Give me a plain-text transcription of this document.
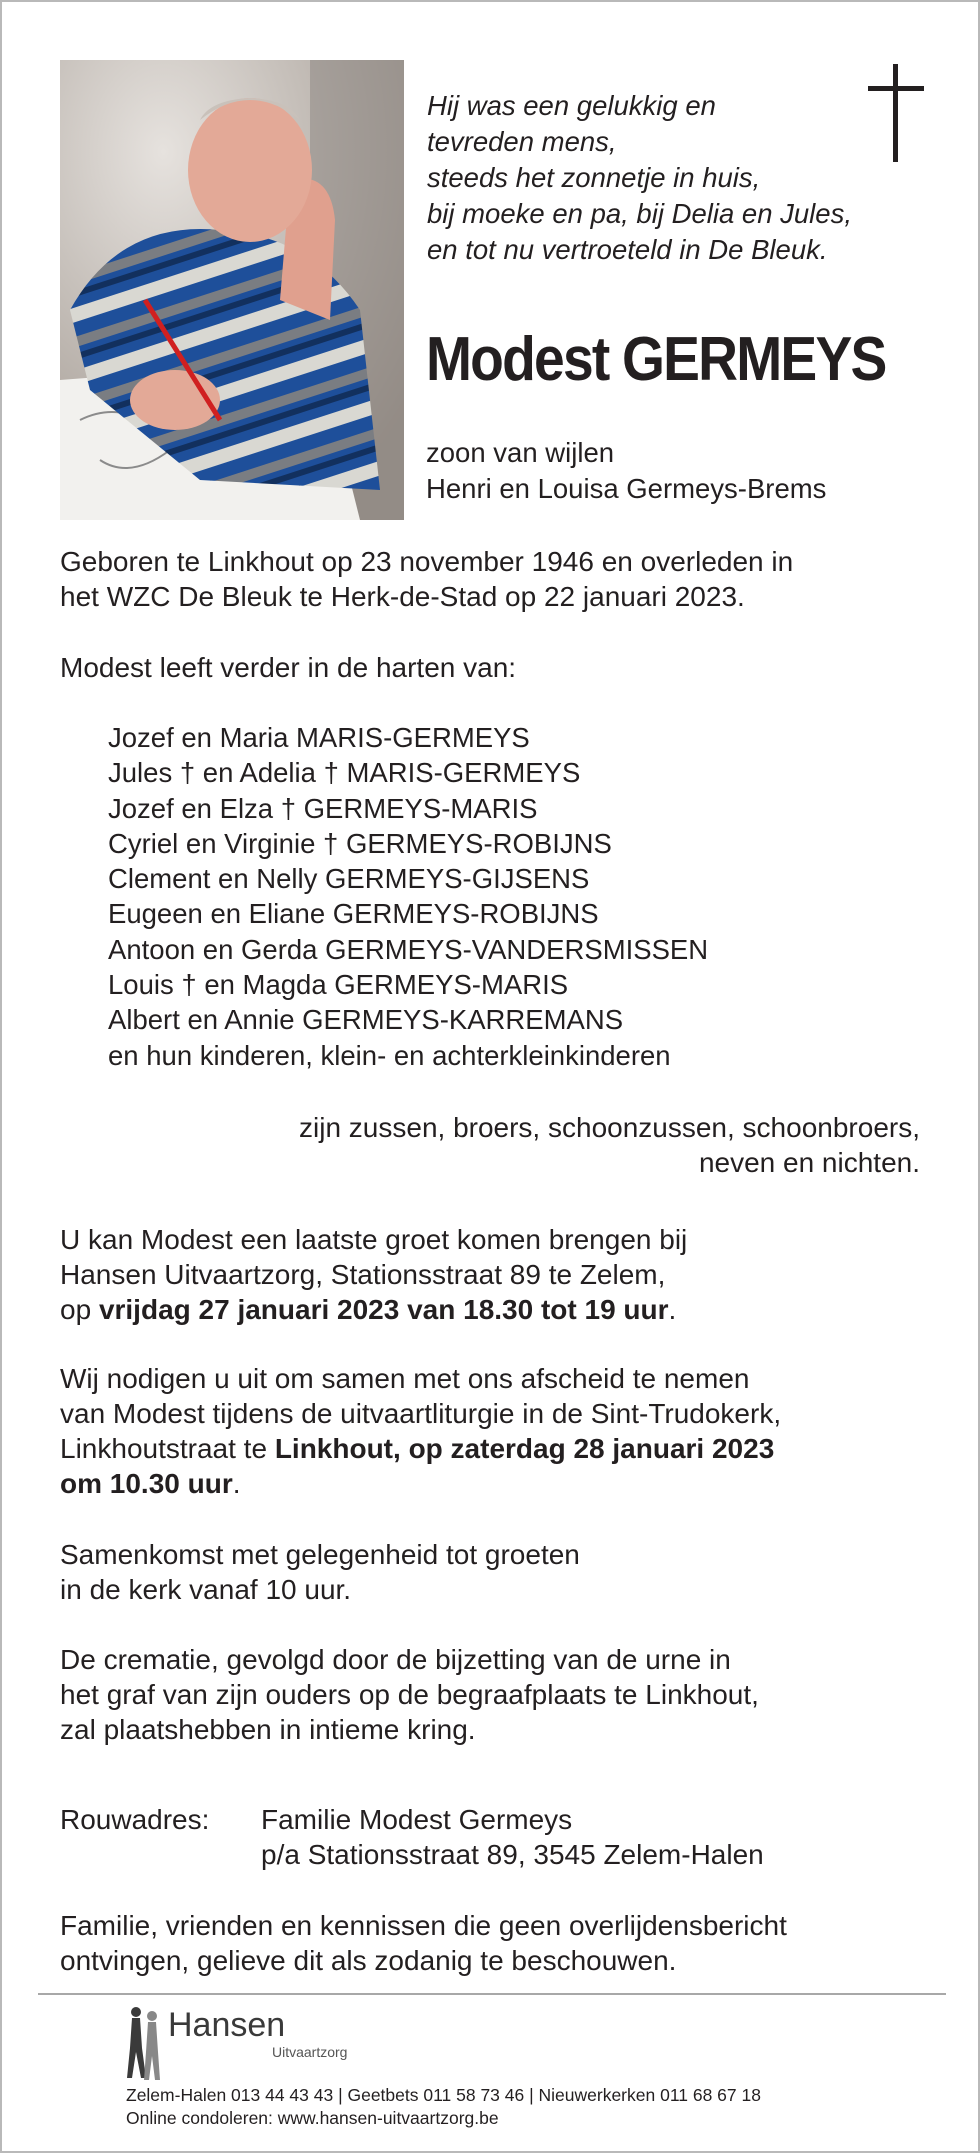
Hij was een gelukkig en
tevreden mens,
steeds het zonnetje in huis,
bij moeke en pa, bij Delia en Jules,
en tot nu vertroeteld in De Bleuk.
Modest GERMEYS
zoon van wijlen
Henri en Louisa Germeys-Brems
Geboren te Linkhout op 23 november 1946 en overleden in
het WZC De Bleuk te Herk-de-Stad op 22 januari 2023.
Modest leeft verder in de harten van:
Jozef en Maria MARIS-GERMEYS
Jules † en Adelia † MARIS-GERMEYS
Jozef en Elza † GERMEYS-MARIS
Cyriel en Virginie † GERMEYS-ROBIJNS
Clement en Nelly GERMEYS-GIJSENS
Eugeen en Eliane GERMEYS-ROBIJNS
Antoon en Gerda GERMEYS-VANDERSMISSEN
Louis † en Magda GERMEYS-MARIS
Albert en Annie GERMEYS-KARREMANS
en hun kinderen, klein- en achterkleinkinderen
zijn zussen, broers, schoonzussen, schoonbroers,
neven en nichten.
U kan Modest een laatste groet komen brengen bij
Hansen Uitvaartzorg, Stationsstraat 89 te Zelem,
op vrijdag 27 januari 2023 van 18.30 tot 19 uur.
Wij nodigen u uit om samen met ons afscheid te nemen
van Modest tijdens de uitvaartliturgie in de Sint-Trudokerk,
Linkhoutstraat te Linkhout, op zaterdag 28 januari 2023
om 10.30 uur.
Samenkomst met gelegenheid tot groeten
in de kerk vanaf 10 uur.
De crematie, gevolgd door de bijzetting van de urne in
het graf van zijn ouders op de begraafplaats te Linkhout,
zal plaatshebben in intieme kring.
Rouwadres: Familie Modest Germeys
p/a Stationsstraat 89, 3545 Zelem-Halen
Familie, vrienden en kennissen die geen overlijdensbericht
ontvingen, gelieve dit als zodanig te beschouwen.
Hansen
Uitvaartzorg
Zelem-Halen 013 44 43 43 | Geetbets 011 58 73 46 | Nieuwerkerken 011 68 67 18
Online condoleren: www.hansen-uitvaartzorg.be
